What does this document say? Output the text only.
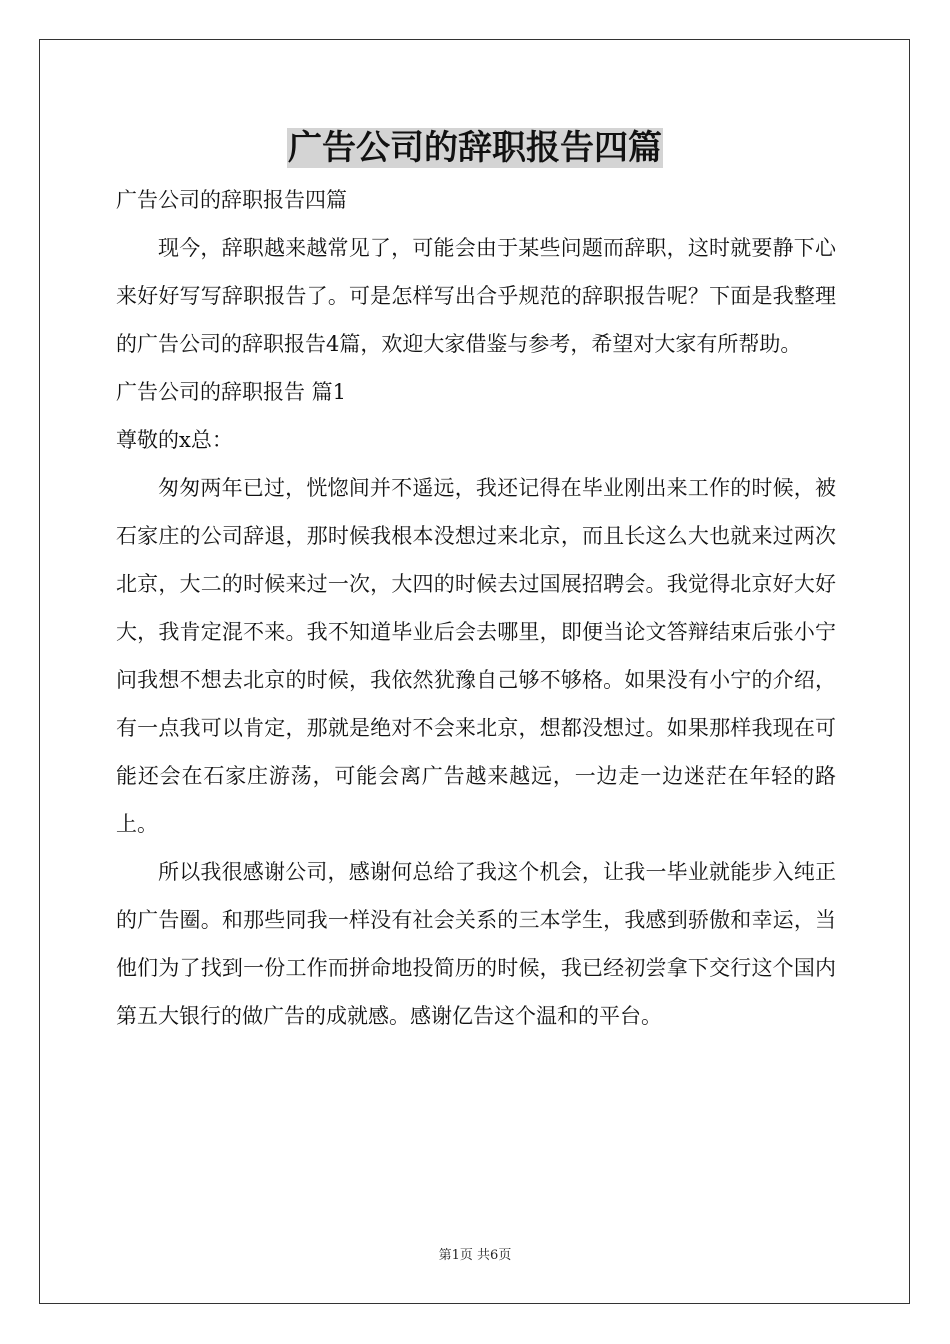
广告公司的辞职报告四篇

广告公司的辞职报告四篇

现今，辞职越来越常见了，可能会由于某些问题而辞职，这时就要静下心来好好写写辞职报告了。可是怎样写出合乎规范的辞职报告呢？下面是我整理的广告公司的辞职报告4篇，欢迎大家借鉴与参考，希望对大家有所帮助。

广告公司的辞职报告 篇1

尊敬的x总：

匆匆两年已过，恍惚间并不遥远，我还记得在毕业刚出来工作的时候，被石家庄的公司辞退，那时候我根本没想过来北京，而且长这么大也就来过两次北京，大二的时候来过一次，大四的时候去过国展招聘会。我觉得北京好大好大，我肯定混不来。我不知道毕业后会去哪里，即便当论文答辩结束后张小宁问我想不想去北京的时候，我依然犹豫自己够不够格。如果没有小宁的介绍，有一点我可以肯定，那就是绝对不会来北京，想都没想过。如果那样我现在可能还会在石家庄游荡，可能会离广告越来越远，一边走一边迷茫在年轻的路上。

所以我很感谢公司，感谢何总给了我这个机会，让我一毕业就能步入纯正的广告圈。和那些同我一样没有社会关系的三本学生，我感到骄傲和幸运，当他们为了找到一份工作而拼命地投简历的时候，我已经初尝拿下交行这个国内第五大银行的做广告的成就感。感谢亿告这个温和的平台。

第1页 共6页
